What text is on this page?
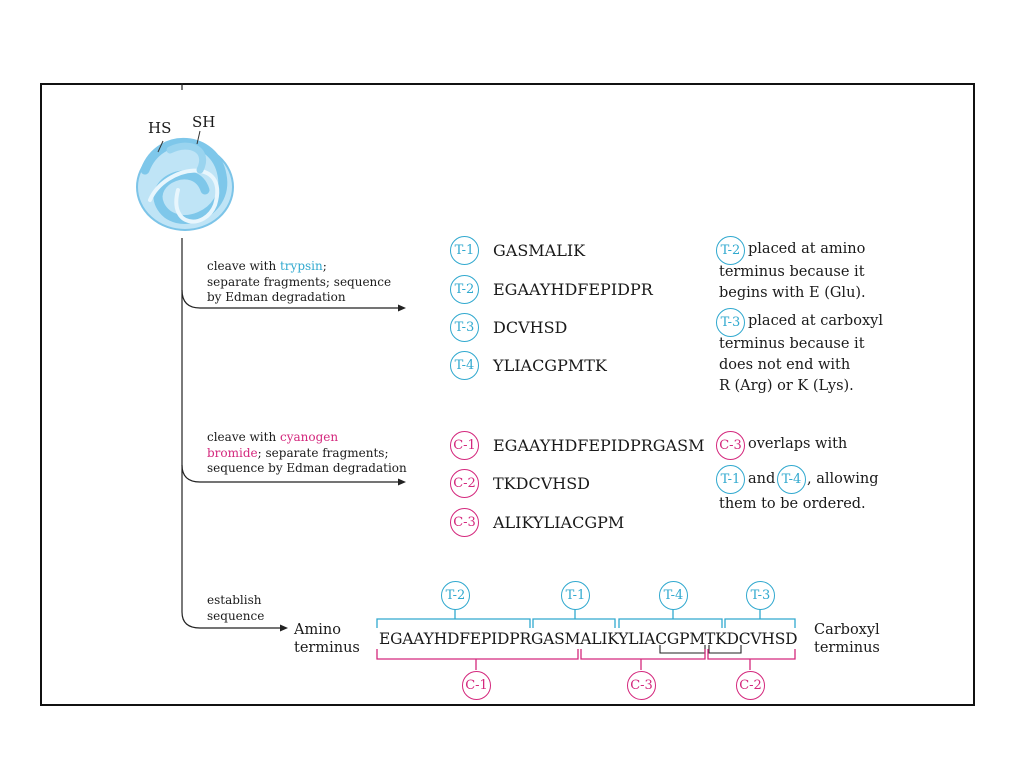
HS SH
cleave with trypsin;
separate fragments; sequence
by Edman degradation
cleave with cyanogen
bromide; separate fragments;
sequence by Edman degradation
establish
sequence
T-1 GASMALIK
T-2 EGAAYHDFEPIDPR
T-3 DCVHSD
T-4 YLIACGPMTK
C-1 EGAAYHDFEPIDPRGASM
C-2 TKDCVHSD
C-3 ALIKYLIACGPM
T-2 placed at amino
terminus because it
begins with E (Glu).
T-3 placed at carboxyl
terminus because it
does not end with
R (Arg) or K (Lys).
C-3 overlaps with
T-1 and T-4 , allowing
them to be ordered.
Amino
terminus EGAAYHDFEPIDPRGASMALIKYLIACGPMTKDCVHSD Carboxyl
terminus
T-2	T-1	T-4	T-3
C-1	C-3	C-2
